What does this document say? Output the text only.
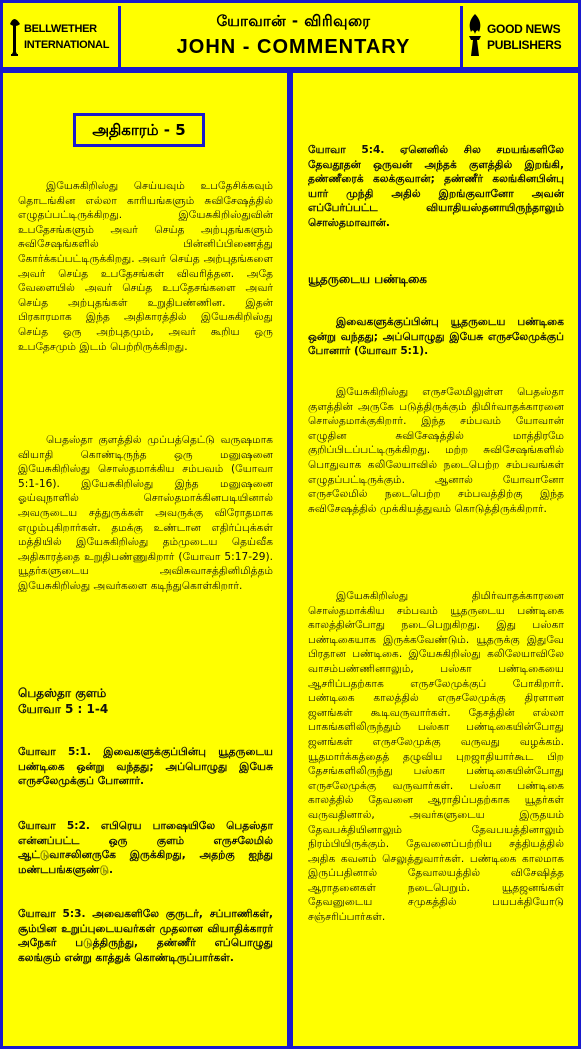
BELLWETHER
INTERNATIONAL
யோவான் - விரிவுரை
JOHN - COMMENTARY
GOOD NEWS
PUBLISHERS
அதிகாரம் - 5

இயேசுகிறிஸ்து செய்யவும் உபதேசிக்கவும் தொடங்கின எல்லா காரியங்களும் சுவிசேஷத்தில் எழுதப்பட்டிருக்கிறது. இயேசுகிறிஸ்துவின் உபதேசங்களும் அவர் செய்த அற்புதங்களும் சுவிசேஷங்களில் பின்னிப்பிணைத்து கோர்க்கப்பட்டிருக்கிறது. அவர் செய்த அற்புதங்களை அவர் செய்த உபதேசங்கள் விவரித்தன. அதே வேளையில் அவர் செய்த உபதேசங்களை அவர் செய்த அற்புதங்கள் உறுதிபண்ணின. இதன் பிரகாரமாக இந்த அதிகாரத்தில் இயேசுகிறிஸ்து செய்த ஒரு அற்புதமும், அவர் கூறிய ஒரு உபதேசமும் இடம் பெற்றிருக்கிறது.

பெதஸ்தா குளத்தில் முப்பத்தெட்டு வருஷமாக வியாதி கொண்டிருந்த ஒரு மனுஷனை இயேசுகிறிஸ்து சொஸ்தமாக்கிய சம்பவம் (யோவா 5:1-16). இயேசுகிறிஸ்து இந்த மனுஷனை ஓய்வுநாளில் சொஸ்தமாக்கினபடியினால் அவருடைய சத்துருக்கள் அவருக்கு விரோதமாக எழும்புகிறார்கள். தமக்கு உண்டான எதிர்ப்புக்கள் மத்தியில் இயேசுகிறிஸ்து தம்முடைய தெய்வீக அதிகாரத்தை உறுதிபண்ணுகிறார் (யோவா 5:17-29). யூதர்களுடைய அவிசுவாசத்தினிமித்தம் இயேசுகிறிஸ்து அவர்களை கடிந்துகொள்கிறார்.

பெதஸ்தா குளம்

யோவா 5 : 1-4

யோவா 5:1. இவைகளுக்குப்பின்பு யூதருடைய பண்டிகை ஒன்று வந்தது; அப்பொழுது இயேசு எருசலேமுக்குப் போனார்.

யோவா 5:2. எபிரெய பாஷையிலே பெதஸ்தா என்னப்பட்ட ஒரு குளம் எருசலேமில் ஆட்டுவாசலினருகே இருக்கிறது, அதற்கு ஐந்து மண்டபங்களுண்டு.

யோவா 5:3. அவைகளிலே குருடர், சப்பாணிகள், சூம்பின உறுப்புடையவர்கள் முதலான வியாதிக்காரர் அநேகர் படுத்திருந்து, தண்ணீர் எப்பொழுது கலங்கும் என்று காத்துக் கொண்டிருப்பார்கள்.

யோவா 5:4. ஏனெனில் சில சமயங்களிலே தேவதூதன் ஒருவன் அந்தக் குளத்தில் இறங்கி, தண்ணீரைக் கலக்குவான்; தண்ணீர் கலங்கினபின்பு யார் முந்தி அதில் இறங்குவானோ அவன் எப்பேர்ப்பட்ட வியாதியஸ்தனாயிருந்தாலும் சொஸ்தமாவான்.

யூதருடைய பண்டிகை

இவைகளுக்குப்பின்பு யூதருடைய பண்டிகை ஒன்று வந்தது; அப்பொழுது இயேசு எருசலேமுக்குப் போனார் (யோவா 5:1).

இயேசுகிறிஸ்து எருசலேமிலுள்ள பெதஸ்தா குளத்தின் அருகே படுத்திருக்கும் திமிர்வாதக்காரனை சொஸ்தமாக்குகிறார். இந்த சம்பவம் யோவான் எழுதின சுவிசேஷத்தில் மாத்திரமே குறிப்பிடப்பட்டிருக்கிறது. மற்ற சுவிசேஷங்களில் பொதுவாக கலிலேயாவில் நடைபெற்ற சம்பவங்கள் எழுதப்பட்டிருக்கும். ஆனால் யோவானோ எருசலேமில் நடைபெற்ற சம்பவத்திற்கு இந்த சுவிசேஷத்தில் முக்கியத்துவம் கொடுத்திருக்கிறார்.

இயேசுகிறிஸ்து திமிர்வாதக்காரனை சொஸ்தமாக்கிய சம்பவம் யூதருடைய பண்டிகை காலத்தின்போது நடைபெறுகிறது. இது பஸ்கா பண்டிகையாக இருக்கவேண்டும். யூதருக்கு இதுவே பிரதான பண்டிகை. இயேசுகிறிஸ்து கலிலேயாவிலே வாசம்பண்ணினாலும், பஸ்கா பண்டிகையை ஆசரிப்பதற்காக எருசலேமுக்குப் போகிறார். பண்டிகை காலத்தில் எருசலேமுக்கு திரளான ஜனங்கள் கூடிவருவார்கள். தேசத்தின் எல்லா பாகங்களிலிருந்தும் பஸ்கா பண்டிகையின்போது ஜனங்கள் எருசலேமுக்கு வருவது வழக்கம். யூதமார்க்கத்தைத் தழுவிய புறஜாதியார்கூட பிற தேசங்களிலிருந்து பஸ்கா பண்டிகையின்போது எருசலேமுக்கு வருவார்கள். பஸ்கா பண்டிகை காலத்தில் தேவனை ஆராதிப்பதற்காக யூதர்கள் வருவதினால், அவர்களுடைய இருதயம் தேவபக்தியினாலும் தேவபயத்தினாலும் நிரம்பியிருக்கும். தேவனைப்பற்றிய சத்தியத்தில் அதிக கவனம் செலுத்துவார்கள். பண்டிகை காலமாக இருப்பதினால் தேவாலயத்தில் விசேஷித்த ஆராதனைகள் நடைபெறும். யூதஜனங்கள் தேவனுடைய சமுகத்தில் பயபக்தியோடு சஞ்சரிப்பார்கள்.
